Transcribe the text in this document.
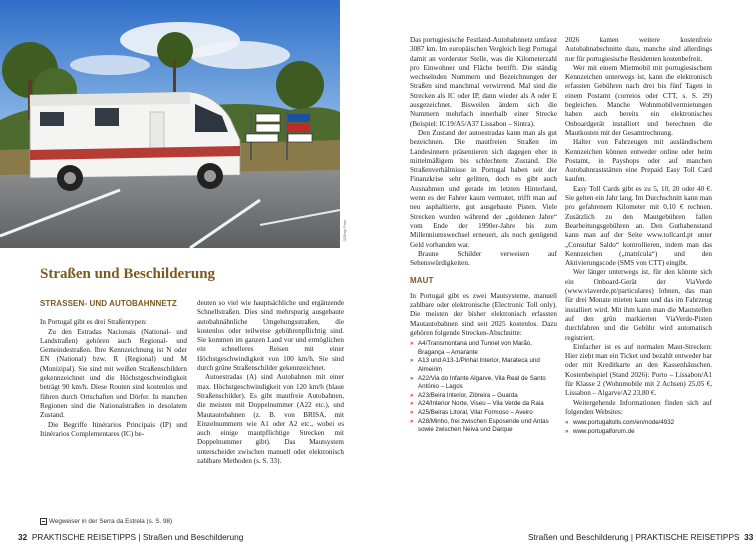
015rsp Foto
Straßen und Beschilderung
STRASSEN- UND AUTOBAHNNETZ

In Portugal gibt es drei Straßentypen:

Zu den Estradas Nacionais (National- und Landstraßen) gehören auch Regional- und Gemeindestraßen. Ihre Kennzeichnung ist N oder EN (National) bzw. R (Regional) und M (Munizipal). Sie sind mit weißen Straßenschildern gekennzeichnet und die Höchstgeschwindigkeit beträgt 90 km/h. Diese Routen sind kostenlos und führen durch Ortschaften und Dörfer. In manchen Regionen sind die Nationalstraßen in desolatem Zustand.

Die Begriffe Itinérarios Principais (IP) und Itinérarios Complementares (IC) be-

deuten so viel wie hauptsächliche und ergänzende Schnellstraßen. Dies sind mehrspurig ausgebaute autobahnähnliche Umgehungsstraßen, die kostenlos oder teilweise gebührenpflichtig sind. Sie kommen im ganzen Land vor und ermöglichen ein schnelleres Reisen mit einer Höchstgeschwindigkeit von 100 km/h. Sie sind durch grüne Straßenschilder gekennzeichnet.

Autoestradas (A) sind Autobahnen mit einer max. Höchstgeschwindigkeit von 120 km/h (blaue Straßenschilder). Es gibt mautfreie Autobahnen, die meisten mit Doppelnummer (A22 etc.), und Mautautobahnen (z. B. von BRISA, mit Einzelnummern wie A1 oder A2 etc., wobei es auch einige mautpflichtige Strecken mit Doppelnummer gibt). Das Mautsystem unterscheidet zwischen manuell oder elektronisch zahlbare Methoden (s. S. 33).

Wegweiser in der Serra da Estrela (s. S. 98)
32 PRAKTISCHE REISETIPPS | Straßen und Beschilderung

Das portugiesische Festland-Autobahnnetz umfasst 3087 km. Im europäischen Vergleich liegt Portugal damit an vorderster Stelle, was die Kilometerzahl pro Einwohner und Fläche betrifft. Die ständig wechselnden Nummern und Bezeichnungen der Straßen sind manchmal verwirrend. Mal sind die Strecken als IC oder IP, dann wieder als A oder E ausgezeichnet. Bisweilen ändern sich die Nummern mehrfach innerhalb einer Strecke (Beispiel: IC19/A5/A37 Lissabon – Sintra).

Den Zustand der autoestradas kann man als gut bezeichnen. Die mautfreien Straßen im Landesinnern präsentieren sich dagegen eher in mittelmäßigem bis schlechtem Zustand. Die Straßenverhältnisse in Portugal haben seit der Finanzkrise sehr gelitten, doch es gibt auch Ausnahmen und gerade im letzten Hinterland, wenn es der Fahrer kaum vermutet, trifft man auf neu asphaltierte, gut ausgebaute Pisten. Viele Strecken wurden während der „goldenen Jahre“ vom Ende der 1990er-Jahre bis zum Millenniumswechsel erneuert, als noch genügend Geld vorhanden war.

Braune Schilder verweisen auf Sehenswürdigkeiten.

MAUT

In Portugal gibt es zwei Mautsysteme, manuell zahlbare oder elektronische (Electronic Toll only). Die meisten der bisher elektronisch erfassten Mautautobahnen sind seit 2025 kostenlos. Dazu gehören folgende Strecken-Abschnitte:

» A4/Transmontana und Tunnel von Marão, Bragança – Amarante
» A13 und A13-1/Pinhal Interior, Marateca und Almeirim
» A22/Via do Infante Algarve, Vila Real de Santo António – Lagos
» A23/Beira Interior, Zibreira – Guarda
» A24/Interior Norte, Viseu – Vila Verde da Raia
» A25/Beiras Litoral, Vilar Formoso – Aveiro
» A28/Minho, frei zwischen Esposende und Antas sowie zwischen Neiva und Darque

2026 kamen weitere kostenfreie Autobahnabschnitte dazu, manche sind allerdings nur für portugiesische Residenten kostenbefreit.

Wer mit einem Mietmobil mit portugiesischem Kennzeichen unterwegs ist, kann die elektronisch erfassten Gebühren nach drei bis fünf Tagen in einem Postamt (correios oder CTT, s. S. 29) begleichen. Manche Wohnmobilvermietungen haben auch bereits ein elektronisches Onboardgerät installiert und berechnen die Mautkosten mit der Gesamtrechnung.

Halter von Fahrzeugen mit ausländischem Kennzeichen können entweder online oder beim Postamt, in Payshops oder auf manchen Autobahnraststätten eine Prepaid Easy Toll Card kaufen.

Easy Toll Cards gibt es zu 5, 10, 20 oder 40 €. Sie gelten ein Jahr lang. Im Durchschnitt kann man pro gefahrenem Kilometer mit 0,10 € rechnen. Zusätzlich zu den Mautgebühren fallen Bearbeitungsgebühren an. Den Guthabenstand kann man auf der Seite www.tollcard.pt unter „Consultar Saldo“ kontrollieren, indem man das Kennzeichen („matrícula“) und den Aktivierungscode (SMS von CTT) eingibt.

Wer länger unterwegs ist, für den könnte sich ein Onboard-Gerät der ViaVerde (www.viaverde.pt/particulares) lohnen, das man für drei Monate mieten kann und das im Fahrzeug installiert wird. Mit ihm kann man die Mautstellen auf den grün markierten ViaVerde-Pisten durchfahren und die Gebühr wird automatisch registriert.

Einfacher ist es auf normalen Maut-Strecken: Hier zieht man ein Ticket und bezahlt entweder bar oder mit Kreditkarte an den Kassenhäuschen. Kostenbeispiel (Stand 2026): Porto – Lissabon/A1 für Klasse 2 (Wohnmobile mit 2 Achsen) 25,05 €, Lissabon – Algarve/A2 23,80 €.

Weitergehende Informationen finden sich auf folgenden Websites:

» www.portugaltolls.com/en/node/4932
» www.portugalforum.de
Straßen und Beschilderung | PRAKTISCHE REISETIPPS 33
